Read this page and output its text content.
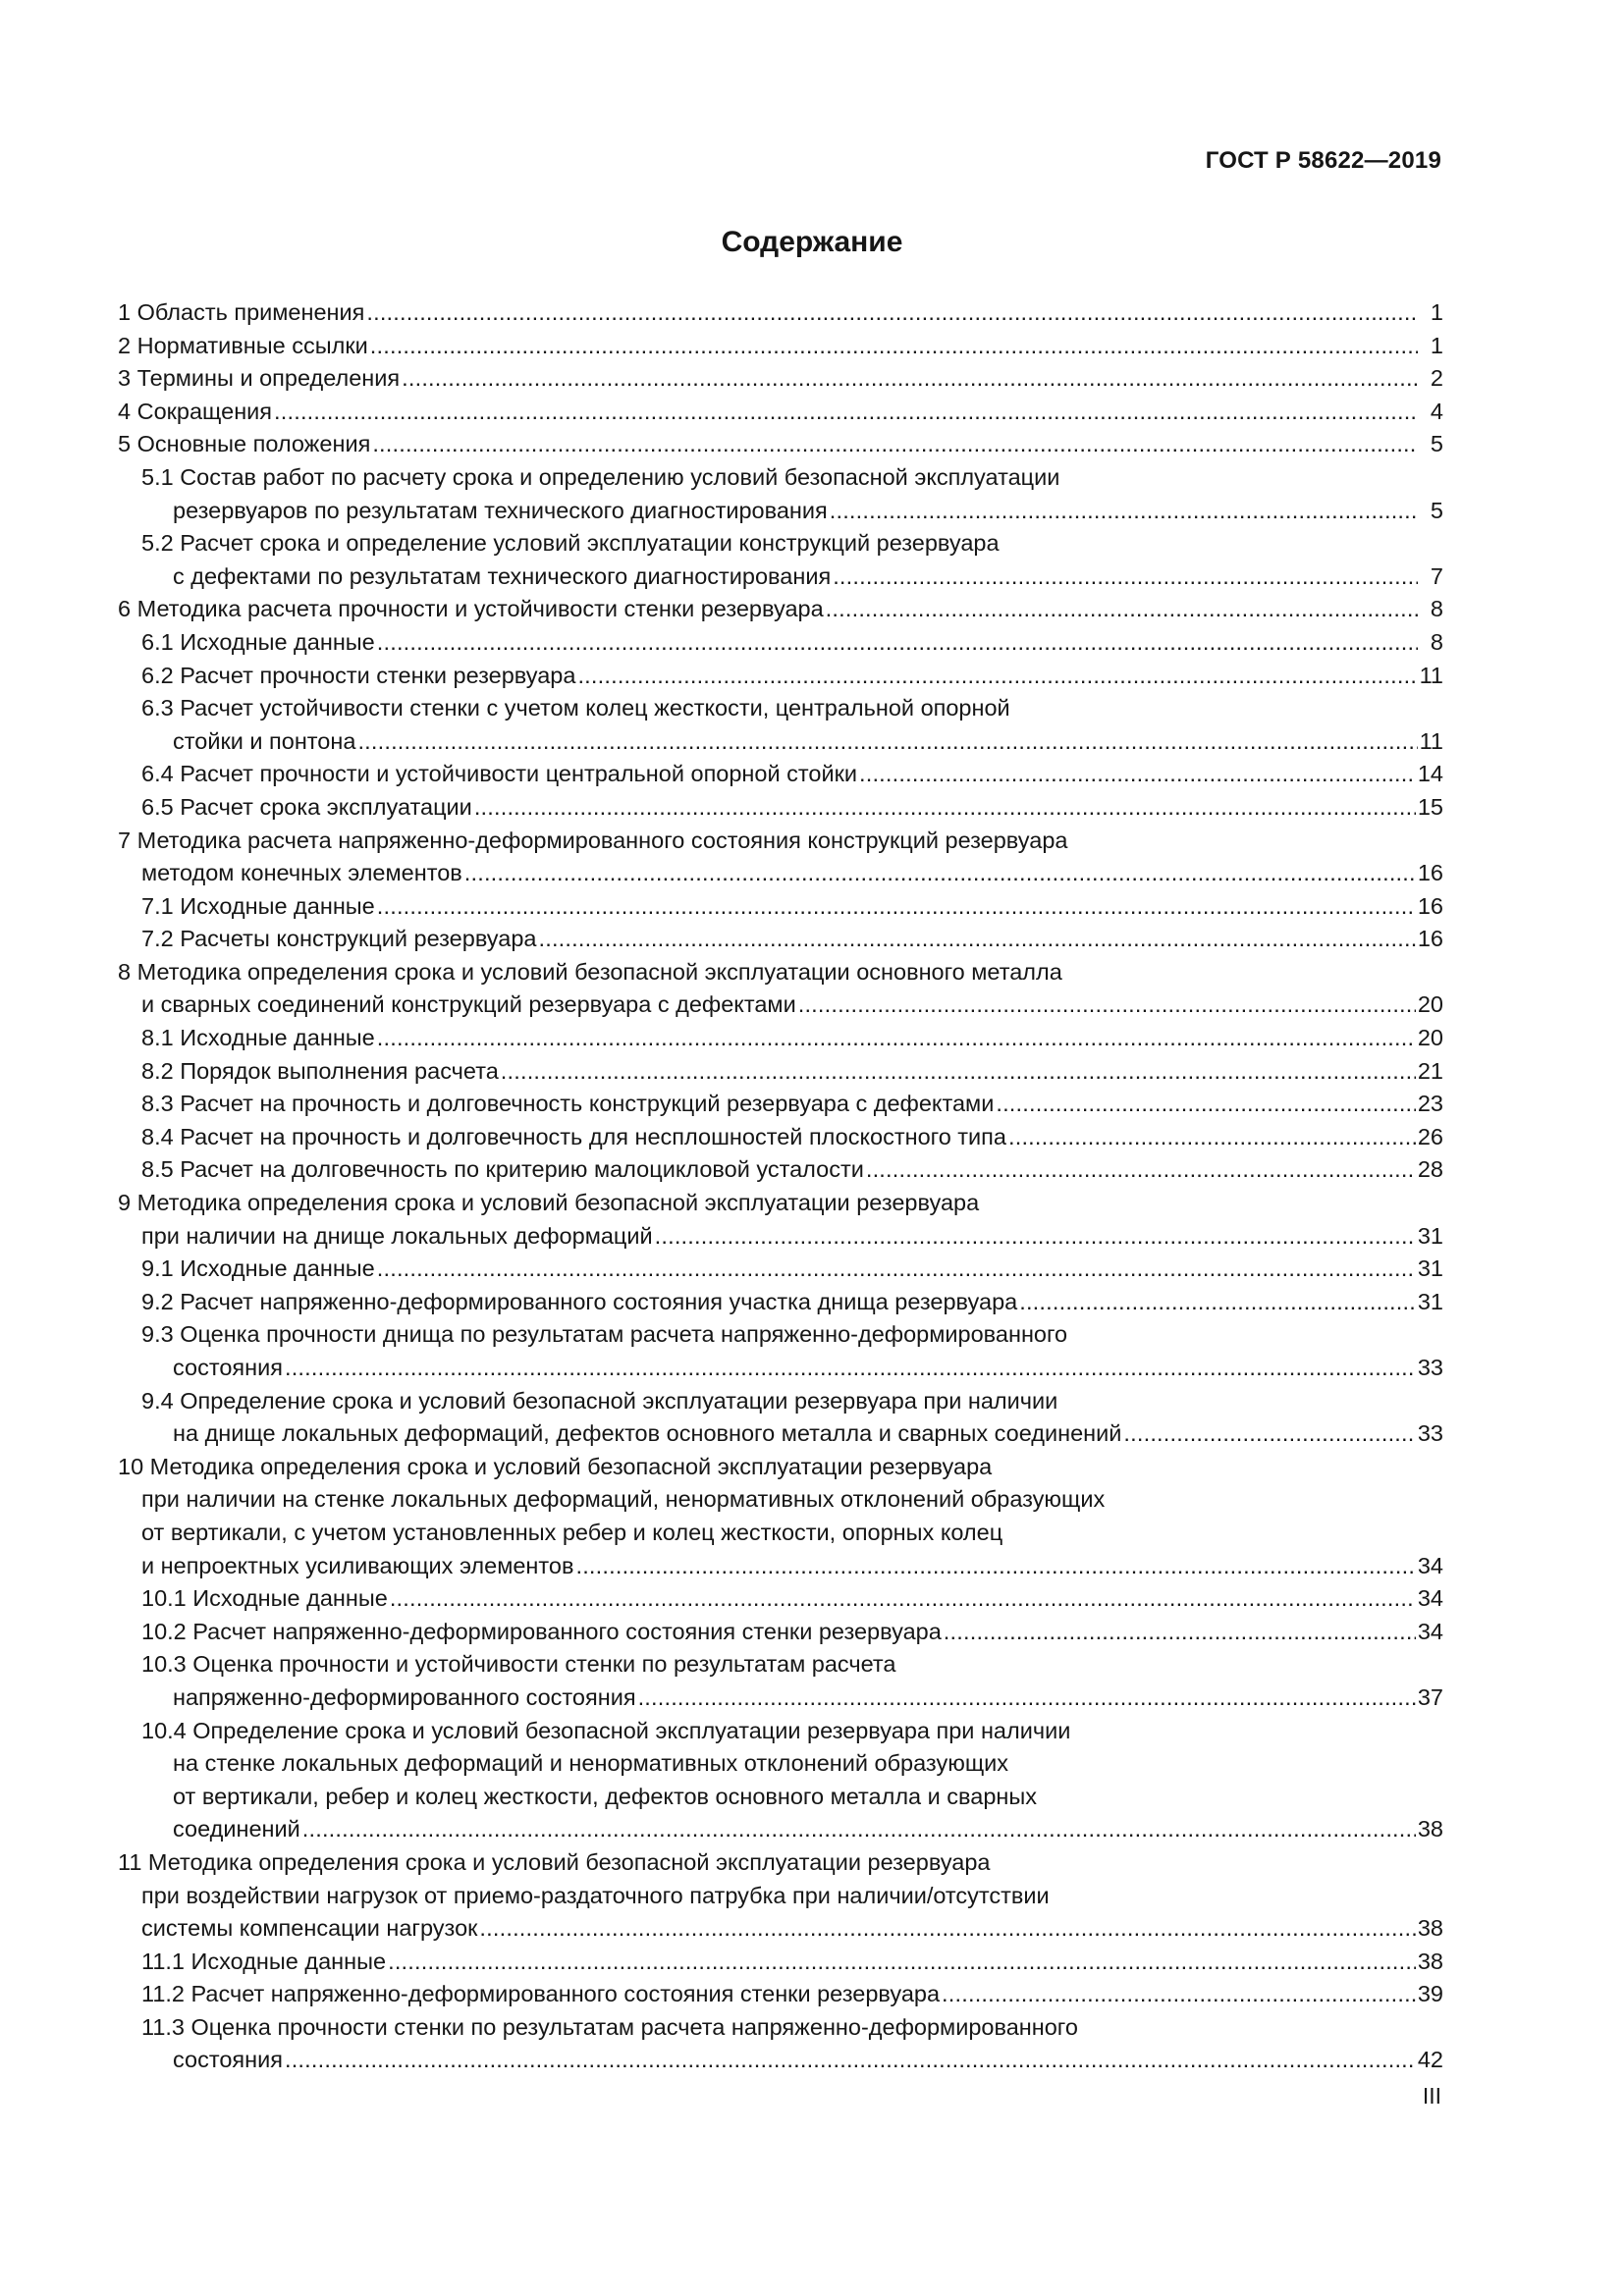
ГОСТ Р 58622—2019
Содержание
1 Область применения .....	1
2 Нормативные ссылки .....	1
3 Термины и определения .....	2
4 Сокращения .....	4
5 Основные положения .....	5
5.1 Состав работ по расчету срока и определению условий безопасной эксплуатации
резервуаров по результатам технического диагностирования .....	5
5.2 Расчет срока и определение условий эксплуатации конструкций резервуара
с дефектами по результатам технического диагностирования .....	7
6 Методика расчета прочности и устойчивости стенки резервуара .....	8
6.1 Исходные данные .....	8
6.2 Расчет прочности стенки резервуара .....	11
6.3 Расчет устойчивости стенки с учетом колец жесткости, центральной опорной
стойки и понтона .....	11
6.4 Расчет прочности и устойчивости центральной опорной стойки .....	14
6.5 Расчет срока эксплуатации .....	15
7 Методика расчета напряженно-деформированного состояния конструкций резервуара
методом конечных элементов .....	16
7.1 Исходные данные .....	16
7.2 Расчеты конструкций резервуара .....	16
8 Методика определения срока и условий безопасной эксплуатации основного металла
и сварных соединений конструкций резервуара с дефектами .....	20
8.1 Исходные данные .....	20
8.2 Порядок выполнения расчета .....	21
8.3 Расчет на прочность и долговечность конструкций резервуара с дефектами .....	23
8.4 Расчет на прочность и долговечность для несплошностей плоскостного типа .....	26
8.5 Расчет на долговечность по критерию малоцикловой усталости .....	28
9 Методика определения срока и условий безопасной эксплуатации резервуара
при наличии на днище локальных деформаций .....	31
9.1 Исходные данные .....	31
9.2 Расчет напряженно-деформированного состояния участка днища резервуара .....	31
9.3 Оценка прочности днища по результатам расчета напряженно-деформированного
состояния .....	33
9.4 Определение срока и условий безопасной эксплуатации резервуара при наличии
на днище локальных деформаций, дефектов основного металла и сварных соединений .....	33
10 Методика определения срока и условий безопасной эксплуатации резервуара
при наличии на стенке локальных деформаций, ненормативных отклонений образующих
от вертикали, с учетом установленных ребер и колец жесткости, опорных колец
и непроектных усиливающих элементов .....	34
10.1 Исходные данные .....	34
10.2 Расчет напряженно-деформированного состояния стенки резервуара .....	34
10.3 Оценка прочности и устойчивости стенки по результатам расчета
напряженно-деформированного состояния .....	37
10.4 Определение срока и условий безопасной эксплуатации резервуара при наличии
на стенке локальных деформаций и ненормативных отклонений образующих
от вертикали, ребер и колец жесткости, дефектов основного металла и сварных
соединений .....	38
11 Методика определения срока и условий безопасной эксплуатации резервуара
при воздействии нагрузок от приемо-раздаточного патрубка при наличии/отсутствии
системы компенсации нагрузок .....	38
11.1 Исходные данные .....	38
11.2 Расчет напряженно-деформированного состояния стенки резервуара .....	39
11.3 Оценка прочности стенки по результатам расчета напряженно-деформированного
состояния .....	42
III
